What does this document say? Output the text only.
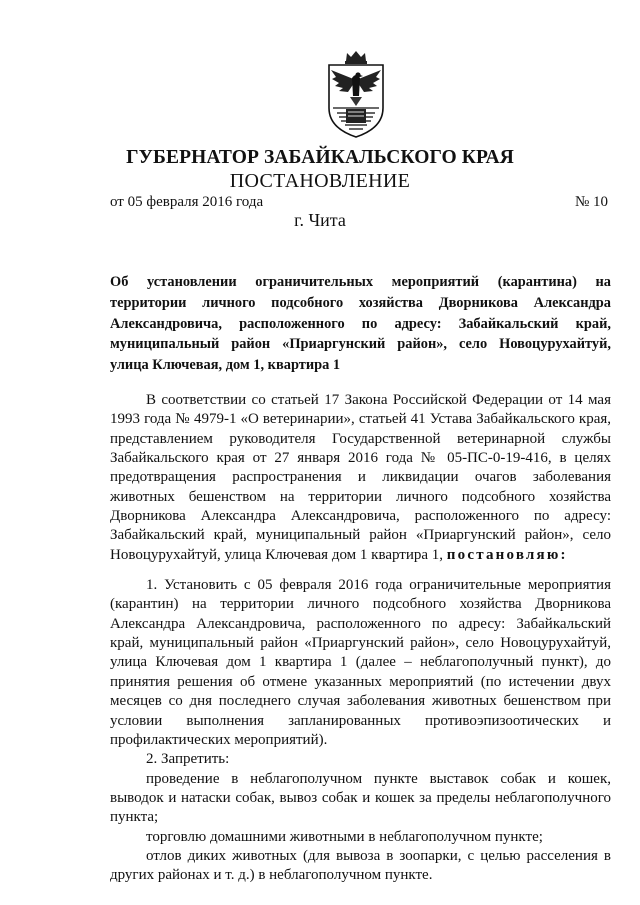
ГУБЕРНАТОР ЗАБАЙКАЛЬСКОГО КРАЯ
ПОСТАНОВЛЕНИЕ
от 05 февраля 2016 года	№ 10
г. Чита
Об установлении ограничительных мероприятий (карантина) на территории личного подсобного хозяйства Дворникова Александра Александровича, расположенного по адресу: Забайкальский край, муниципальный район «Приаргунский район», село Новоцурухайтуй, улица Ключевая, дом 1, квартира 1

В соответствии со статьей 17 Закона Российской Федерации от 14 мая 1993 года № 4979-1 «О ветеринарии», статьей 41 Устава Забайкальского края, представлением руководителя Государственной ветеринарной службы Забайкальского края от 27 января 2016 года № 05-ПС-0-19-416, в целях предотвращения распространения и ликвидации очагов заболевания животных бешенством на территории личного подсобного хозяйства Дворникова Александра Александровича, расположенного по адресу: Забайкальский край, муниципальный район «Приаргунский район», село Новоцурухайтуй, улица Ключевая дом 1 квартира 1, постановляю:

1. Установить с 05 февраля 2016 года ограничительные мероприятия (карантин) на территории личного подсобного хозяйства Дворникова Александра Александровича, расположенного по адресу: Забайкальский край, муниципальный район «Приаргунский район», село Новоцурухайтуй, улица Ключевая дом 1 квартира 1 (далее – неблагополучный пункт), до принятия решения об отмене указанных мероприятий (по истечении двух месяцев со дня последнего случая заболевания животных бешенством при условии выполнения запланированных противоэпизоотических и профилактических мероприятий).

2. Запретить:

проведение в неблагополучном пункте выставок собак и кошек, выводок и натаски собак, вывоз собак и кошек за пределы неблагополучного пункта;

торговлю домашними животными в неблагополучном пункте;

отлов диких животных (для вывоза в зоопарки, с целью расселения в других районах и т. д.) в неблагополучном пункте.
